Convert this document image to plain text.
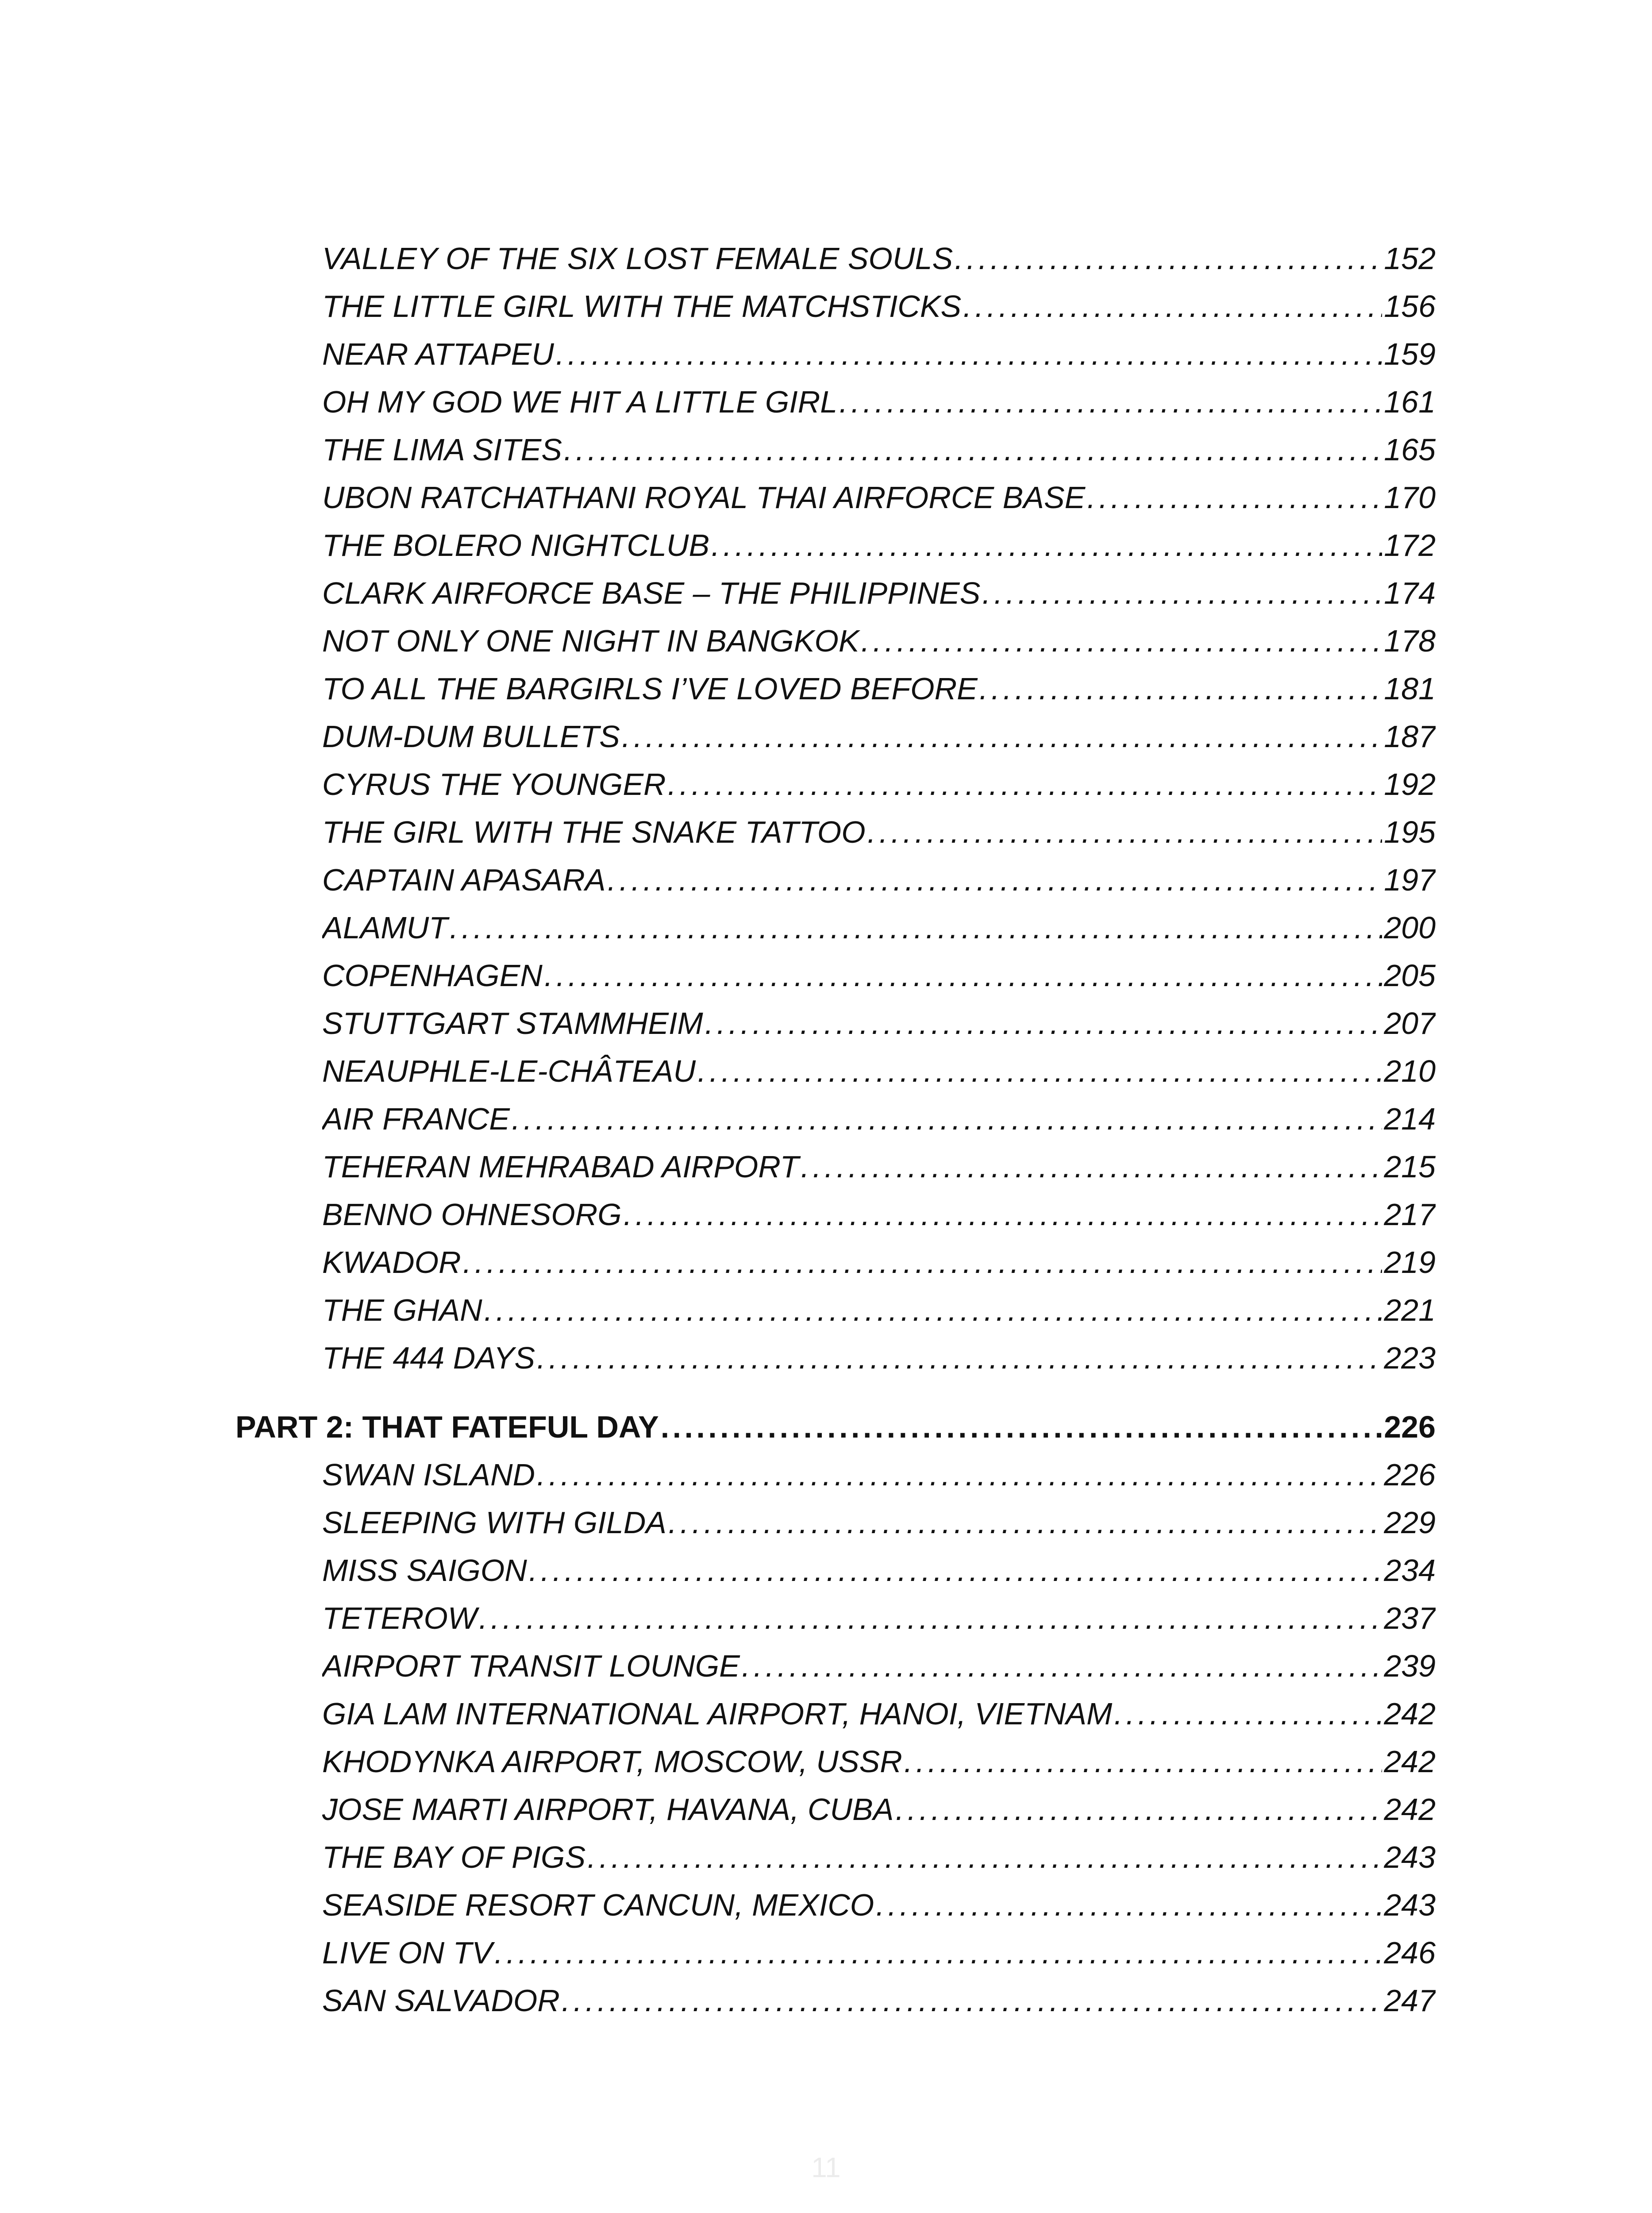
VALLEY OF THE SIX LOST FEMALE SOULS . . .	152
THE LITTLE GIRL WITH THE MATCHSTICKS . . .	156
NEAR ATTAPEU . . .	159
OH MY GOD WE HIT A LITTLE GIRL . . .	161
THE LIMA SITES . . .	165
UBON RATCHATHANI ROYAL THAI AIRFORCE BASE . . .	170
THE BOLERO NIGHTCLUB . . .	172
CLARK AIRFORCE BASE – THE PHILIPPINES . . .	174
NOT ONLY ONE NIGHT IN BANGKOK . . .	178
TO ALL THE BARGIRLS I’VE LOVED BEFORE . . .	181
DUM-DUM BULLETS . . .	187
CYRUS THE YOUNGER . . .	192
THE GIRL WITH THE SNAKE TATTOO . . .	195
CAPTAIN APASARA . . .	197
ALAMUT . . .	200
COPENHAGEN . . .	205
STUTTGART STAMMHEIM . . .	207
NEAUPHLE-LE-CHÂTEAU . . .	210
AIR FRANCE . . .	214
TEHERAN MEHRABAD AIRPORT . . .	215
BENNO OHNESORG . . .	217
KWADOR . . .	219
THE GHAN . . .	221
THE 444 DAYS . . .	223
PART 2: THAT FATEFUL DAY . . .	226
SWAN ISLAND . . .	226
SLEEPING WITH GILDA . . .	229
MISS SAIGON . . .	234
TETEROW . . .	237
AIRPORT TRANSIT LOUNGE . . .	239
GIA LAM INTERNATIONAL AIRPORT, HANOI, VIETNAM . . .	242
KHODYNKA AIRPORT, MOSCOW, USSR . . .	242
JOSE MARTI AIRPORT, HAVANA, CUBA . . .	242
THE BAY OF PIGS . . .	243
SEASIDE RESORT CANCUN, MEXICO . . .	243
LIVE ON TV . . .	246
SAN SALVADOR . . .	247
11
